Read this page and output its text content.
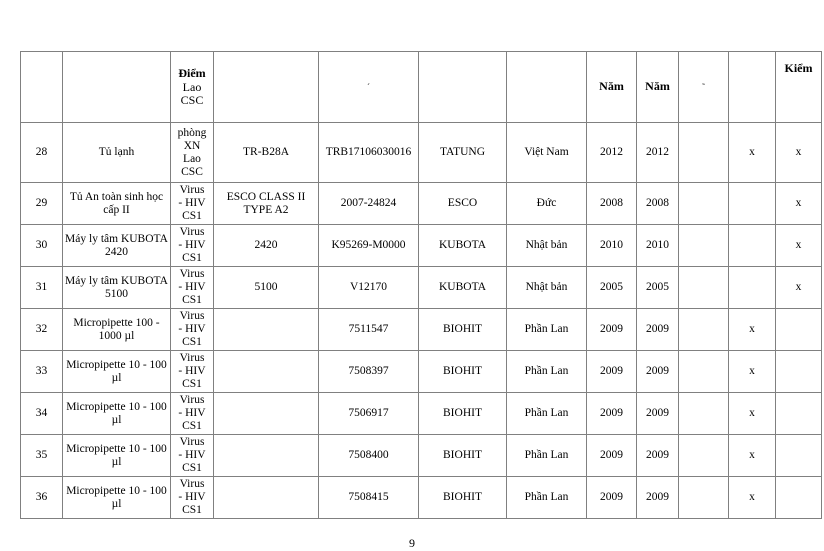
		Điểm
Lao
CSC		´			Năm	Năm	˜		Kiểm
28	Tủ lạnh	phòng
XN
Lao
CSC	TR-B28A	TRB17106030016	TATUNG	Việt Nam	2012	2012		x	x
29	Tủ An toàn sinh học cấp II	Virus
- HIV
CS1	ESCO CLASS II TYPE A2	2007-24824	ESCO	Đức	2008	2008			x
30	Máy ly tâm KUBOTA 2420	Virus
- HIV
CS1	2420	K95269-M0000	KUBOTA	Nhật bản	2010	2010			x
31	Máy ly tâm KUBOTA 5100	Virus
- HIV
CS1	5100	V12170	KUBOTA	Nhật bản	2005	2005			x
32	Micropipette 100 - 1000 µl	Virus
- HIV
CS1		7511547	BIOHIT	Phần Lan	2009	2009		x	
33	Micropipette 10 - 100 µl	Virus
- HIV
CS1		7508397	BIOHIT	Phần Lan	2009	2009		x	
34	Micropipette 10 - 100 µl	Virus
- HIV
CS1		7506917	BIOHIT	Phần Lan	2009	2009		x	
35	Micropipette 10 - 100 µl	Virus
- HIV
CS1		7508400	BIOHIT	Phần Lan	2009	2009		x	
36	Micropipette 10 - 100 µl	Virus
- HIV
CS1		7508415	BIOHIT	Phần Lan	2009	2009		x	
9
